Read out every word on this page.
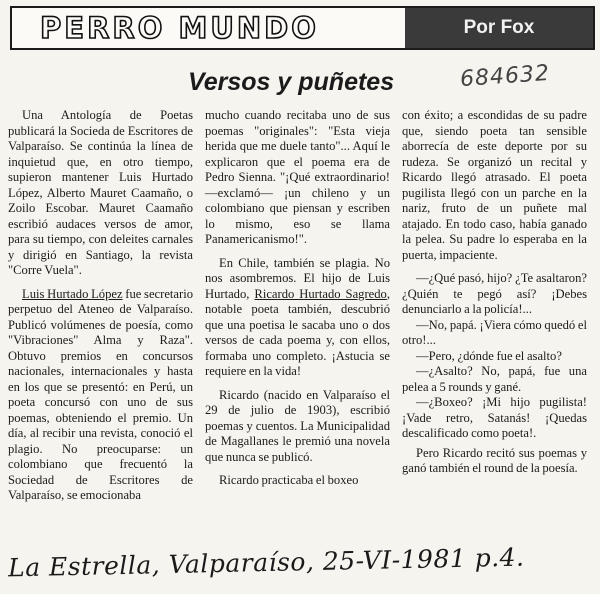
PERRO MUNDO	Por Fox
Versos y puñetes	684632

Una Antología de Poetas publicará la Socieda de Escritores de Valparaíso. Se continúa la línea de inquietud que, en otro tiempo, supieron mantener Luis Hurtado López, Alberto Mauret Caamaño, o Zoilo Escobar. Mauret Caamaño escribió audaces versos de amor, para su tiempo, con deleites carnales y dirigió en Santiago, la revista "Corre Vuela".

Luis Hurtado López fue secretario perpetuo del Ateneo de Valparaíso. Publicó volúmenes de poesía, como "Vibraciones" Alma y Raza". Obtuvo premios en concursos nacionales, internacionales y hasta en los que se presentó: en Perú, un poeta concursó con uno de sus poemas, obteniendo el premio. Un día, al recibir una revista, conoció el plagio. No preocuparse: un colombiano que frecuentó la Sociedad de Escritores de Valparaíso, se emocionaba

mucho cuando recitaba uno de sus poemas "originales": "Esta vieja herida que me duele tanto"... Aquí le explicaron que el poema era de Pedro Sienna. "¡Qué extraordinario! —exclamó— ¡un chileno y un colombiano que piensan y escriben lo mismo, eso se llama Panamericanismo!".

En Chile, también se plagia. No nos asombremos. El hijo de Luis Hurtado, Ricardo Hurtado Sagredo, notable poeta también, descubrió que una poetisa le sacaba uno o dos versos de cada poema y, con ellos, formaba uno completo. ¡Astucia se requiere en la vida!

Ricardo (nacido en Valparaíso el 29 de julio de 1903), escribió poemas y cuentos. La Municipalidad de Magallanes le premió una novela que nunca se publicó.

Ricardo practicaba el boxeo

con éxito; a escondidas de su padre que, siendo poeta tan sensible aborrecía de este deporte por su rudeza. Se organizó un recital y Ricardo llegó atrasado. El poeta pugilista llegó con un parche en la nariz, fruto de un puñete mal atajado. En todo caso, había ganado la pelea. Su padre lo esperaba en la puerta, impaciente.

—¿Qué pasó, hijo? ¿Te asaltaron? ¿Quién te pegó así? ¡Debes denunciarlo a la policía!...

—No, papá. ¡Viera cómo quedó el otro!...

—Pero, ¿dónde fue el asalto?

—¿Asalto? No, papá, fue una pelea a 5 rounds y gané.

—¿Boxeo? ¡Mi hijo pugilista! ¡Vade retro, Satanás! ¡Quedas descalificado como poeta!.

Pero Ricardo recitó sus poemas y ganó también el round de la poesía.

La Estrella, Valparaíso, 25-VI-1981 p.4.
